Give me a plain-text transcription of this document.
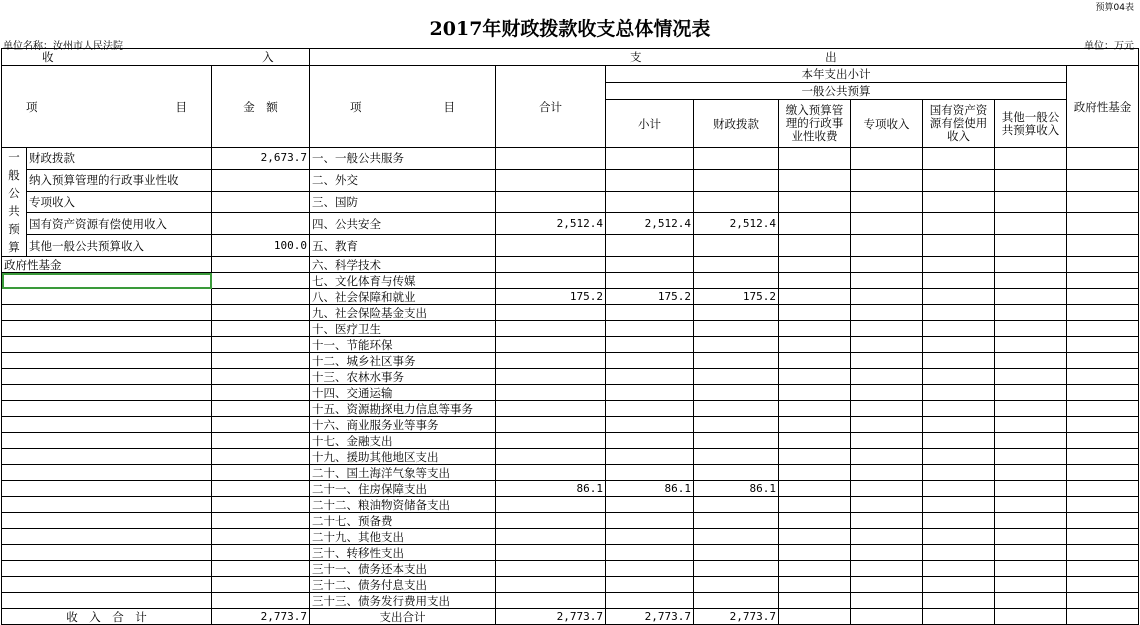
预算04表
2017年财政拨款收支总体情况表
单位名称：汝州市人民法院	单位：万元
收 入			支 出								
项 目		金　额	项 目	合计	本年支出小计						政府性基金
					一般公共预算						
					小计	财政拨款	缴入预算管理的行政事业性收费	专项收入	国有资产资源有偿使用收入	其他一般公共预算收入	

一般公共预算	财政拨款	2,673.7	一、一般公共服务								
	纳入预算管理的行政事业性收		二、外交								
	专项收入		三、国防								
	国有资产资源有偿使用收入		四、公共安全	2,512.4	2,512.4	2,512.4					
	其他一般公共预算收入	100.0	五、教育								
政府性基金			六、科学技术								
			七、文化体育与传媒								
			八、社会保障和就业	175.2	175.2	175.2					
			九、社会保险基金支出								
			十、医疗卫生								
			十一、节能环保								
			十二、城乡社区事务								
			十三、农林水事务								
			十四、交通运输								
			十五、资源勘探电力信息等事务								
			十六、商业服务业等事务								
			十七、金融支出								
			十九、援助其他地区支出								
			二十、国土海洋气象等支出								
			二十一、住房保障支出	86.1	86.1	86.1					
			二十二、粮油物资储备支出								
			二十七、预备费								
			二十九、其他支出								
			三十、转移性支出								
			三十一、债务还本支出								
			三十二、债务付息支出								
			三十三、债务发行费用支出								
收　入　合　计		2,773.7	支出合计	2,773.7	2,773.7	2,773.7					
